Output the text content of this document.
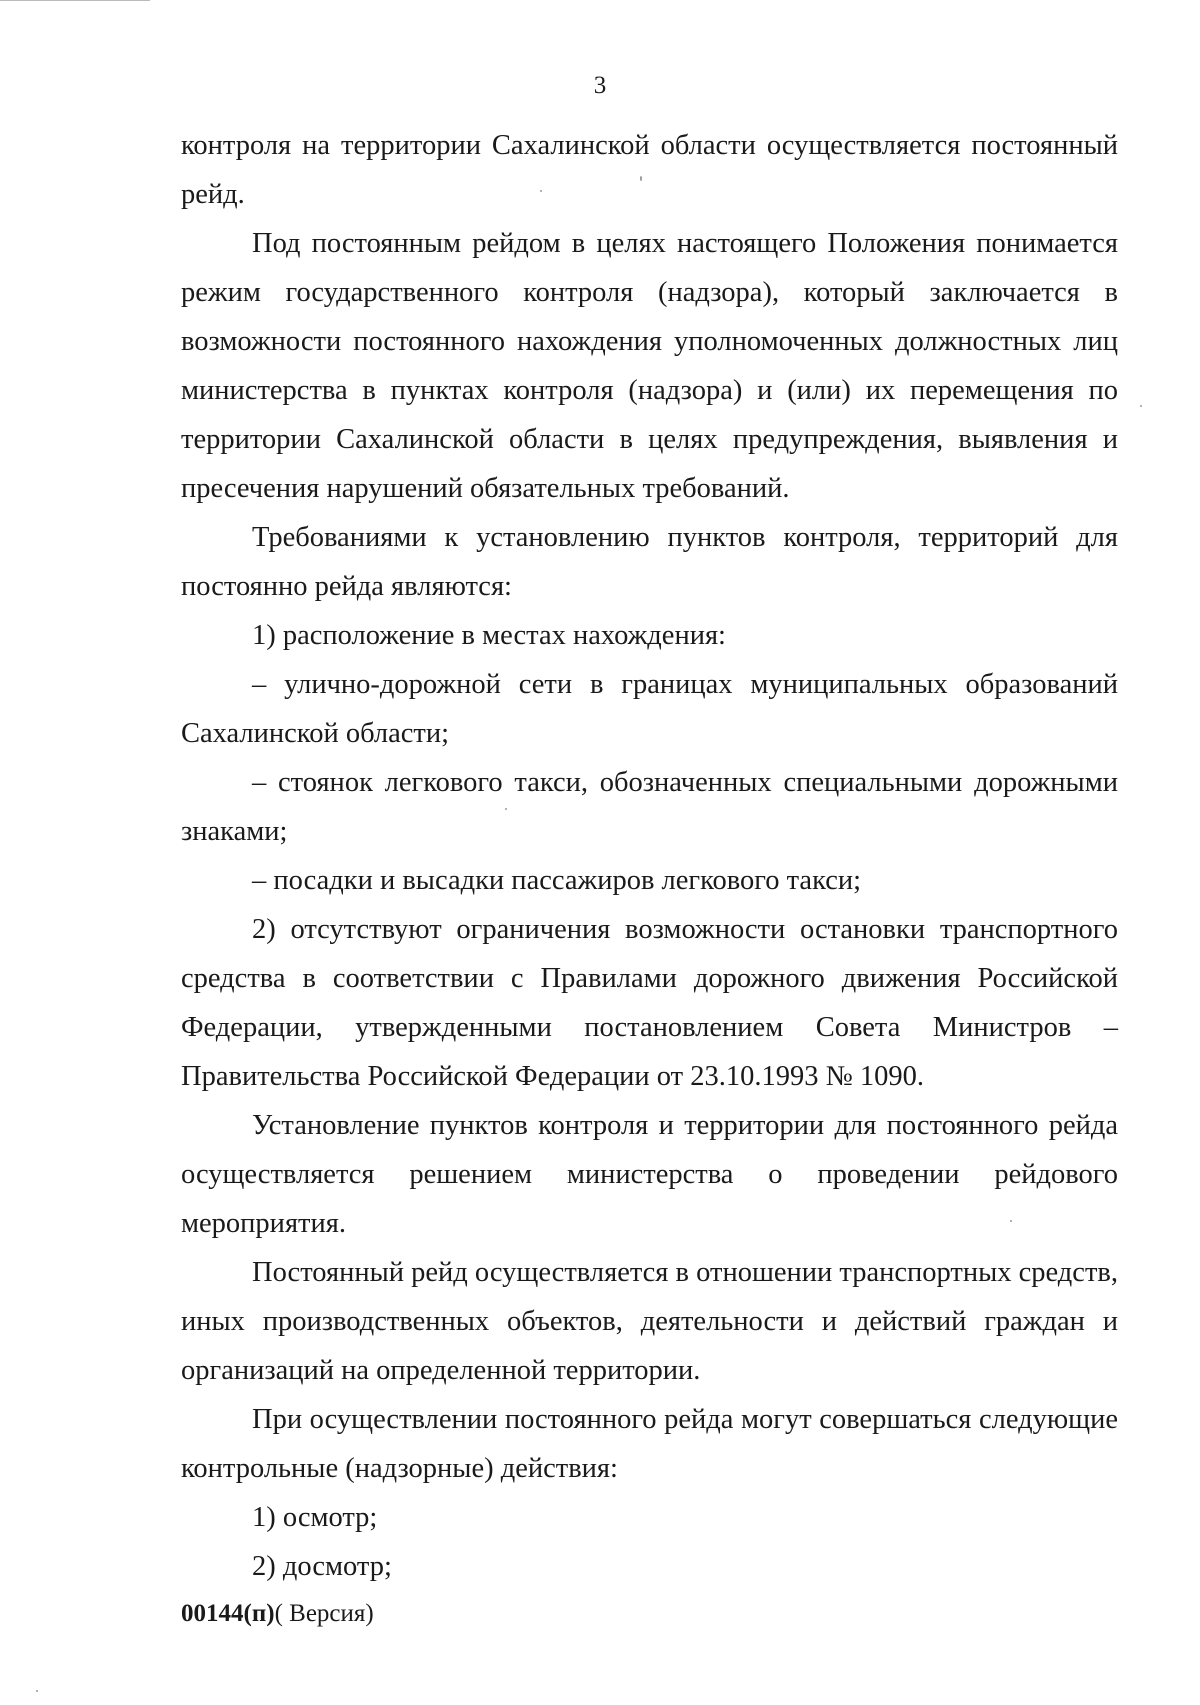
3
контроля на территории Сахалинской области осуществляется постоянный
рейд.
Под постоянным рейдом в целях настоящего Положения понимается
режим государственного контроля (надзора), который заключается в
возможности постоянного нахождения уполномоченных должностных лиц
министерства в пунктах контроля (надзора) и (или) их перемещения по
территории Сахалинской области в целях предупреждения, выявления и
пресечения нарушений обязательных требований.
Требованиями к установлению пунктов контроля, территорий для
постоянно рейда являются:
1) расположение в местах нахождения:
– улично-дорожной сети в границах муниципальных образований
Сахалинской области;
– стоянок легкового такси, обозначенных специальными дорожными
знаками;
– посадки и высадки пассажиров легкового такси;
2) отсутствуют ограничения возможности остановки транспортного
средства в соответствии с Правилами дорожного движения Российской
Федерации, утвержденными постановлением Совета Министров –
Правительства Российской Федерации от 23.10.1993 № 1090.
Установление пунктов контроля и территории для постоянного рейда
осуществляется решением министерства о проведении рейдового
мероприятия.
Постоянный рейд осуществляется в отношении транспортных средств,
иных производственных объектов, деятельности и действий граждан и
организаций на определенной территории.
При осуществлении постоянного рейда могут совершаться следующие
контрольные (надзорные) действия:
1) осмотр;
2) досмотр;
00144(п)( Версия)
